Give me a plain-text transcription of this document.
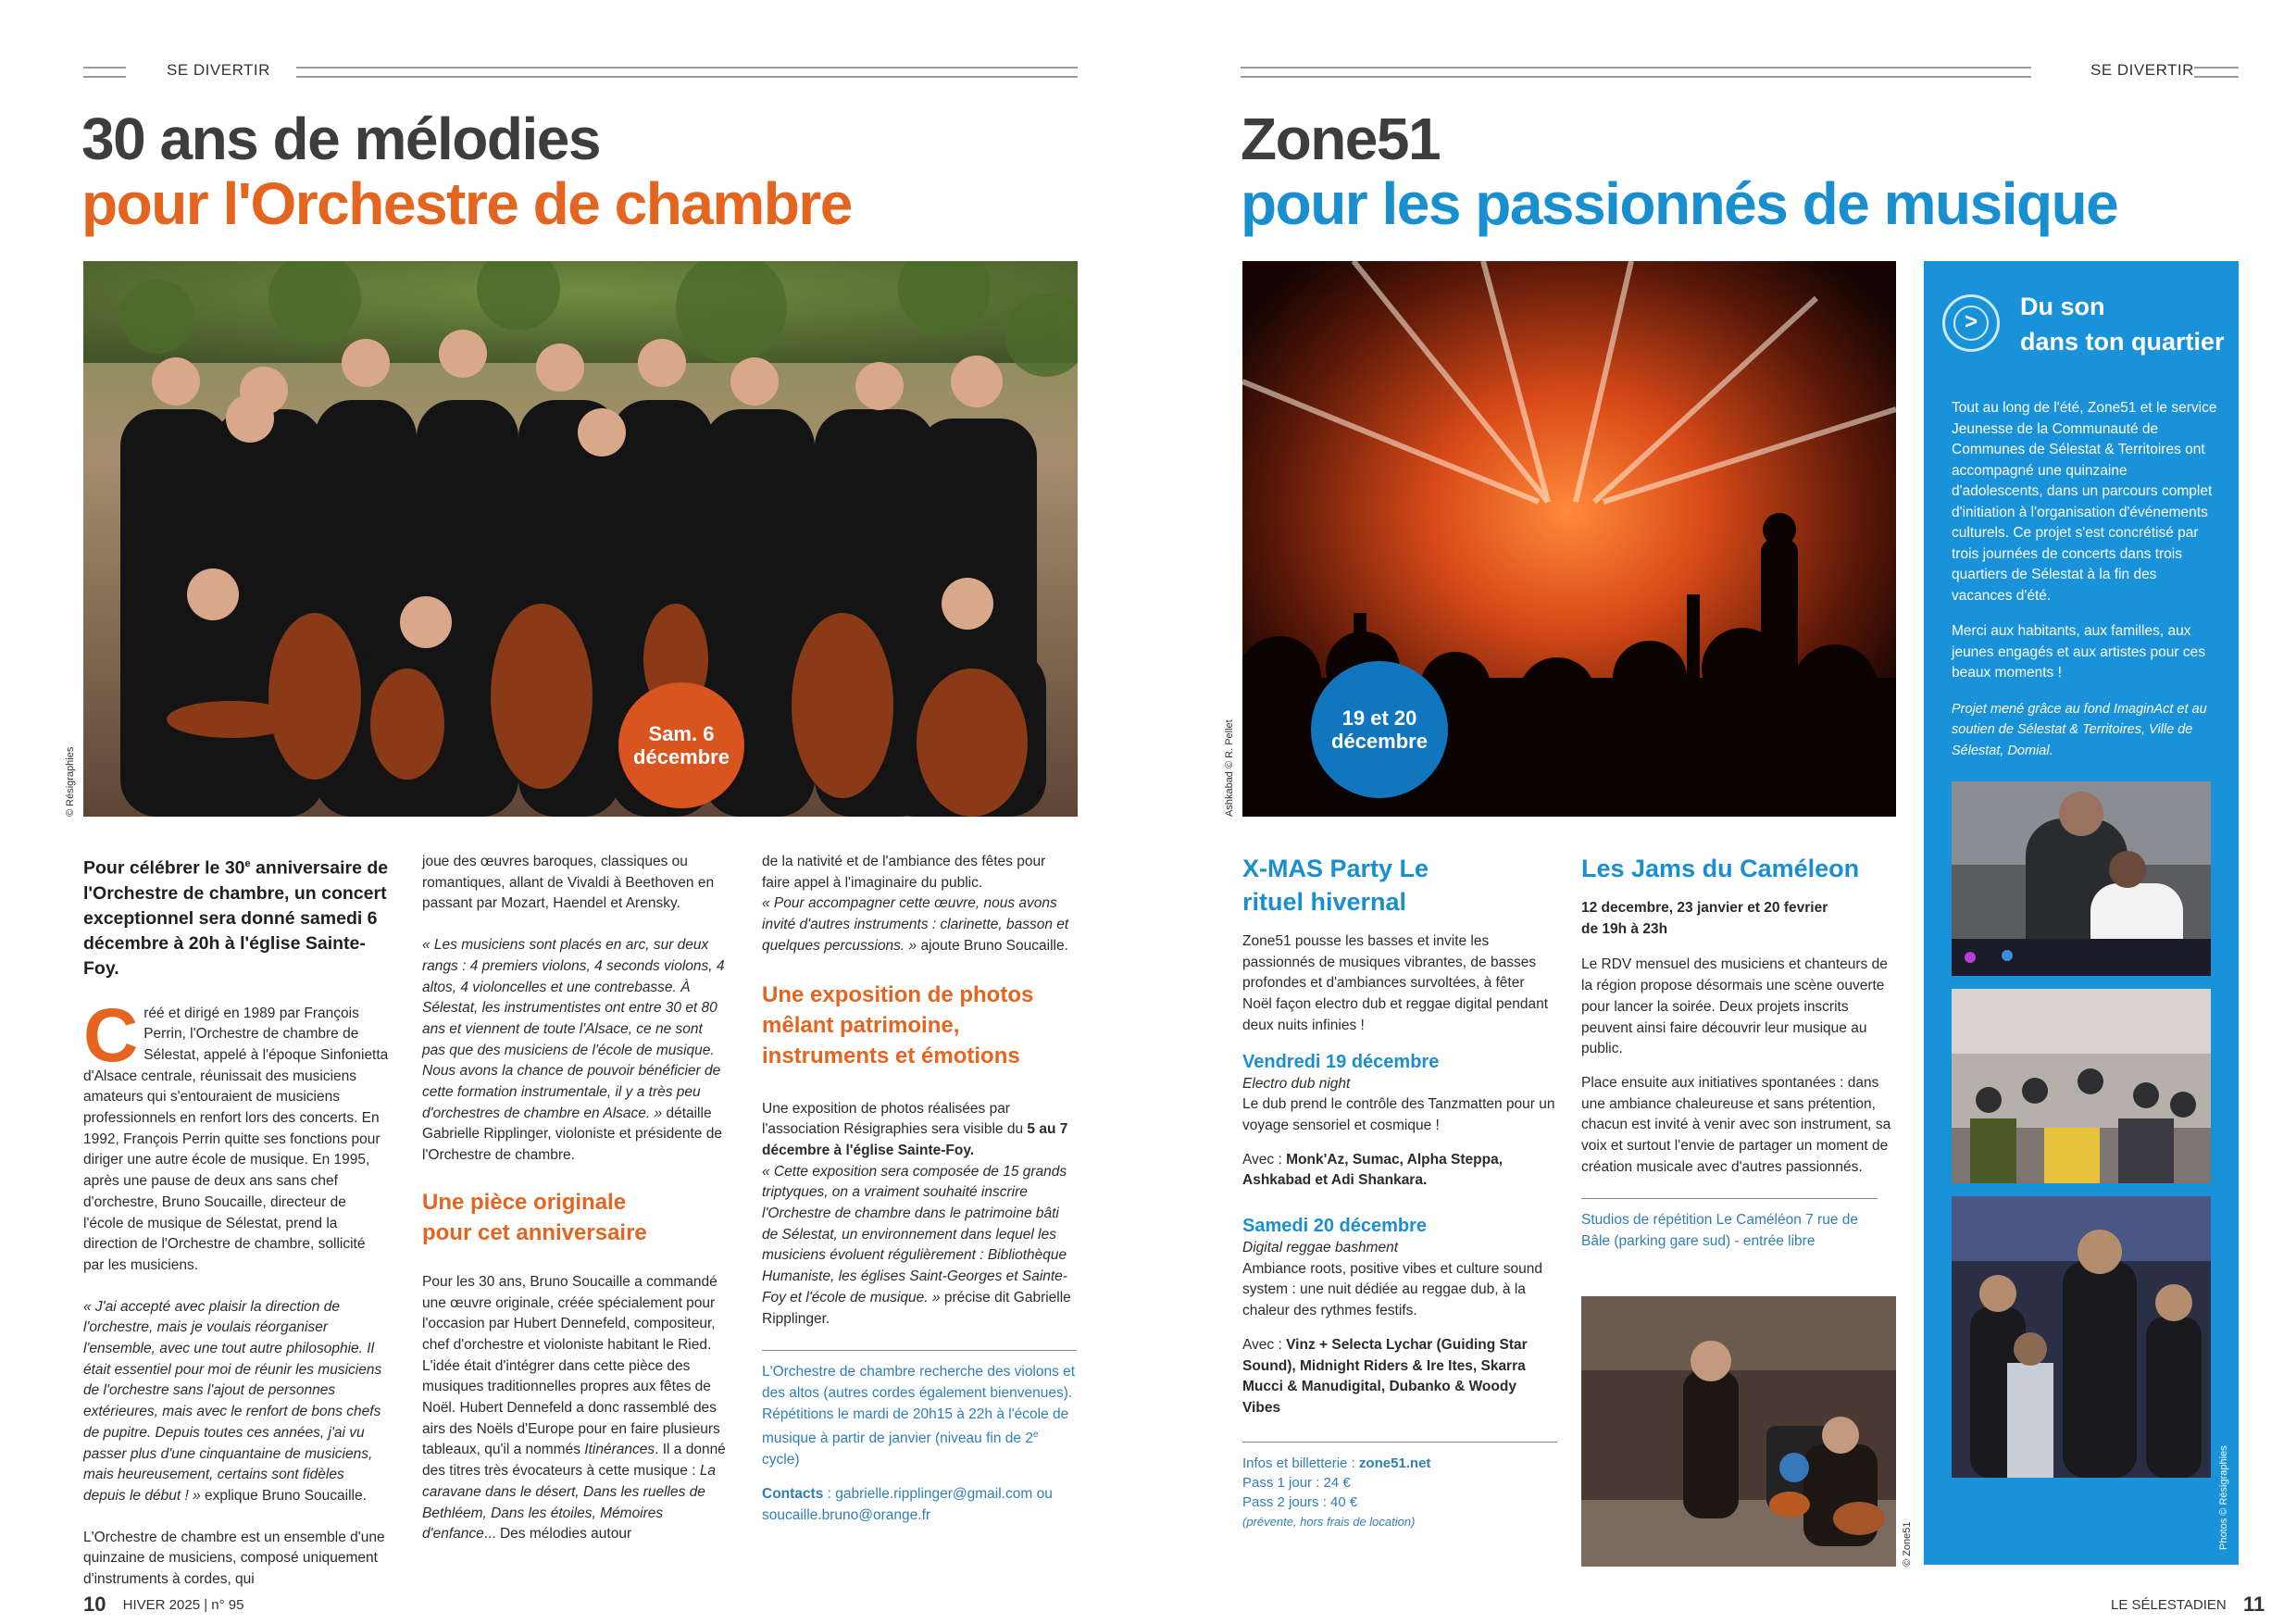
SE DIVERTIR
30 ans de mélodies
pour l'Orchestre de chambre
Sam. 6
décembre
© Résigraphies

Pour célébrer le 30e anniversaire de l'Orchestre de chambre, un concert exceptionnel sera donné samedi 6 décembre à 20h à l'église Sainte-Foy.

Créé et dirigé en 1989 par François Perrin, l'Orchestre de chambre de Sélestat, appelé à l'époque Sinfonietta d'Alsace centrale, réunissait des musiciens amateurs qui s'entouraient de musiciens professionnels en renfort lors des concerts. En 1992, François Perrin quitte ses fonctions pour diriger une autre école de musique. En 1995, après une pause de deux ans sans chef d'orchestre, Bruno Soucaille, directeur de l'école de musique de Sélestat, prend la direction de l'Orchestre de chambre, sollicité par les musiciens.

« J'ai accepté avec plaisir la direction de l'orchestre, mais je voulais réorganiser l'ensemble, avec une tout autre philosophie. Il était essentiel pour moi de réunir les musiciens de l'orchestre sans l'ajout de personnes extérieures, mais avec le renfort de bons chefs de pupitre. Depuis toutes ces années, j'ai vu passer plus d'une cinquantaine de musiciens, mais heureusement, certains sont fidèles depuis le début ! » explique Bruno Soucaille.

L'Orchestre de chambre est un ensemble d'une quinzaine de musiciens, composé uniquement d'instruments à cordes, qui

joue des œuvres baroques, classiques ou romantiques, allant de Vivaldi à Beethoven en passant par Mozart, Haendel et Arensky.

« Les musiciens sont placés en arc, sur deux rangs : 4 premiers violons, 4 seconds violons, 4 altos, 4 violoncelles et une contrebasse. À Sélestat, les instrumentistes ont entre 30 et 80 ans et viennent de toute l'Alsace, ce ne sont pas que des musiciens de l'école de musique. Nous avons la chance de pouvoir bénéficier de cette formation instrumentale, il y a très peu d'orchestres de chambre en Alsace. » détaille Gabrielle Ripplinger, violoniste et présidente de l'Orchestre de chambre.

Une pièce originale pour cet anniversaire

Pour les 30 ans, Bruno Soucaille a commandé une œuvre originale, créée spécialement pour l'occasion par Hubert Dennefeld, compositeur, chef d'orchestre et violoniste habitant le Ried. L'idée était d'intégrer dans cette pièce des musiques traditionnelles propres aux fêtes de Noël. Hubert Dennefeld a donc rassemblé des airs des Noëls d'Europe pour en faire plusieurs tableaux, qu'il a nommés Itinérances. Il a donné des titres très évocateurs à cette musique : La caravane dans le désert, Dans les ruelles de Bethléem, Dans les étoiles, Mémoires d'enfance... Des mélodies autour

de la nativité et de l'ambiance des fêtes pour faire appel à l'imaginaire du public.

« Pour accompagner cette œuvre, nous avons invité d'autres instruments : clarinette, basson et quelques percussions. » ajoute Bruno Soucaille.

Une exposition de photos mêlant patrimoine, instruments et émotions

Une exposition de photos réalisées par l'association Résigraphies sera visible du 5 au 7 décembre à l'église Sainte-Foy.

« Cette exposition sera composée de 15 grands triptyques, on a vraiment souhaité inscrire l'Orchestre de chambre dans le patrimoine bâti de Sélestat, un environnement dans lequel les musiciens évoluent régulièrement : Bibliothèque Humaniste, les églises Saint-Georges et Sainte-Foy et l'école de musique. » précise dit Gabrielle Ripplinger.

L'Orchestre de chambre recherche des violons et des altos (autres cordes également bienvenues). Répétitions le mardi de 20h15 à 22h à l'école de musique à partir de janvier (niveau fin de 2e cycle)

Contacts : gabrielle.ripplinger@gmail.com ou soucaille.bruno@orange.fr

10 HIVER 2025 | n° 95
SE DIVERTIR
Zone51
pour les passionnés de musique
19 et 20
décembre
Ashkabad © R. Pellet
X-MAS Party Le rituel hivernal

Zone51 pousse les basses et invite les passionnés de musiques vibrantes, de basses profondes et d'ambiances survoltées, à fêter Noël façon electro dub et reggae digital pendant deux nuits infinies !

Vendredi 19 décembre
Electro dub night

Le dub prend le contrôle des Tanzmatten pour un voyage sensoriel et cosmique !

Avec : Monk'Az, Sumac, Alpha Steppa, Ashkabad et Adi Shankara.

Samedi 20 décembre
Digital reggae bashment

Ambiance roots, positive vibes et culture sound system : une nuit dédiée au reggae dub, à la chaleur des rythmes festifs.

Avec : Vinz + Selecta Lychar (Guiding Star Sound), Midnight Riders & Ire Ites, Skarra Mucci & Manudigital, Dubanko & Woody Vibes

Infos et billetterie : zone51.net
Pass 1 jour : 24 €
Pass 2 jours : 40 €
(prévente, hors frais de location)
Les Jams du Caméleon

12 decembre, 23 janvier et 20 fevrier de 19h à 23h

Le RDV mensuel des musiciens et chanteurs de la région propose désormais une scène ouverte pour lancer la soirée. Deux projets inscrits peuvent ainsi faire découvrir leur musique au public.

Place ensuite aux initiatives spontanées : dans une ambiance chaleureuse et sans prétention, chacun est invité à venir avec son instrument, sa voix et surtout l'envie de partager un moment de création musicale avec d'autres passionnés.

Studios de répétition Le Caméléon 7 rue de Bâle (parking gare sud) - entrée libre
© Zone51
>
Du son
dans ton quartier

Tout au long de l'été, Zone51 et le service Jeunesse de la Communauté de Communes de Sélestat & Territoires ont accompagné une quinzaine d'adolescents, dans un parcours complet d'initiation à l'organisation d'événements culturels. Ce projet s'est concrétisé par trois journées de concerts dans trois quartiers de Sélestat à la fin des vacances d'été.

Merci aux habitants, aux familles, aux jeunes engagés et aux artistes pour ces beaux moments !

Projet mené grâce au fond ImaginAct et au soutien de Sélestat & Territoires, Ville de Sélestat, Domial.

Photos © Résigraphies
LE SÉLESTADIEN 11
